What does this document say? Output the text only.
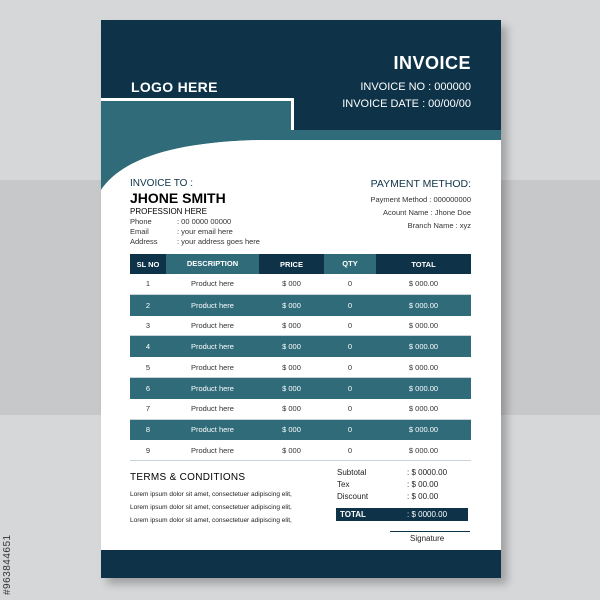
#963844651
LOGO HERE
INVOICE
INVOICE NO : 000000
INVOICE DATE : 00/00/00
INVOICE TO :
JHONE SMITH
PROFESSION HERE
Phone	: 00 0000 00000
Email	: your email here
Address	: your address goes here
PAYMENT METHOD:
Payment Method : 000000000
Acount Name : Jhone Doe
Branch Name : xyz
SL NO	DESCRIPTION	PRICE	QTY	TOTAL
1	Product here	$ 000	0	$ 000.00
2	Product here	$ 000	0	$ 000.00
3	Product here	$ 000	0	$ 000.00
4	Product here	$ 000	0	$ 000.00
5	Product here	$ 000	0	$ 000.00
6	Product here	$ 000	0	$ 000.00
7	Product here	$ 000	0	$ 000.00
8	Product here	$ 000	0	$ 000.00
9	Product here	$ 000	0	$ 000.00
TERMS & CONDITIONS
Lorem ipsum dolor sit amet, consectetuer adipiscing elit,
Lorem ipsum dolor sit amet, consectetuer adipiscing elit,
Lorem ipsum dolor sit amet, consectetuer adipiscing elit,
Subtotal	: $ 0000.00
Tex	: $ 00.00
Discount	: $ 00.00
TOTAL	: $ 0000.00
Signature
